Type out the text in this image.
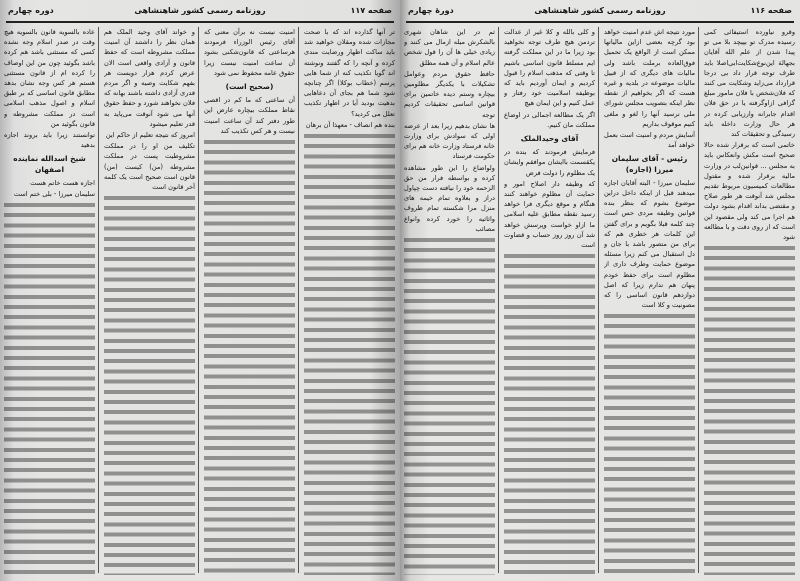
صفحه ۱۱۶
روزنامه رسمی کشور شاهنشاهی
دورهٔ چهارم

وقرو نیاورده استیفائی کمی رسیده مدرک تو بپیچد بلا می تو پیدا شدن از علم الله آقایان بجهالة این‌نوع‌شکایت‌ابی‌اصلا باید طرف توجه قرار داد بی درجا قرارداد می‌زاید وشکایت می کنند که فلان‌شخص با فلان مامور مبلغ گزافی ازاوگرفته یا در حق فلان اقدام جابرانه وارزیابی کرده‌ در هر حال وزارت داخله باید رسیدگی و تحقیقات کند

خاتمی است که برقرار شده حالا صحیح است مکش وانعکاس باید به مجلس ... قوانین‌لب در وزارت مالیه برقرار شده و مقتول مطالعات کمیسیون مربوط تقدیم مجلس شد آنوقت هر طور صلاح و مقتضی بداند اقدام بشود دولت هم اجرا می کند ولی مقصود این است که از روی دقت و با مطالعه شود

مورد نتیجه اش عدم امنیت خواهد بود گرچه بعضی ازاین مالیاتها ممکن است از الواقع یک تحمیل فوق‌العاده‌ برملت باشد ولی مالیات های دیگری که از قبیل مالیات موضوعه در بلدیه و غیره هست که اگر بخواهیم از نقطه نظر اینکه بتصویب مجلس شورای ملی نرسید آنها را لغو و ملغی کنیم موقوف بداریم

آسایش مردم و امنیت است بعمل خواهد آمد

رئیس - آقای سلیمان میرزا (اجازه)

سلیمان میرزا - البته آقایان اجازه میدهند قبل از اینکه داخل دراین موضوع بشوم که بنظر بنده قوانین وظیفه مردی حس است چند کلمه قبلا بگویم و برای گفتن این کلمات هر خطری هم که برای من متصور باشد با جان و دل استقبال می کنم زیرا مسئله موضوع حمایت وطرف داری از مظلوم است برای حفظ خودم پنهان هم ندارم زیرا که اصل دوازدهم قانون اساسی را که مصونیت و کلا است

و کلی بالله و کلا غیر از عدالت تردمن هیچ طرف توجه نخواهید بود زیرا ما در این مملکت گرفته ایم مسلط قانون اساسی باشیم تا وقتی که مذهب اسلام را قبول کردیم و ایمان آوردیم باید که بوظیفه اسلامیت خود رفتار و عمل کنیم و این ایمان هیچ

اگر یک مطالعه اجمالی در اوضاع مملکت مان کنیم.

آقای وحیدالملک

فرمایش فرمودند که بنده در یکقسمت باایشان موافقم وایشان یک مظلوم را دولت فرض

که وظیفه دار اصلاح امور و حمایت آن مظلوم خواهند کنند هنگام و موقع دیگری فرا خواهد رسید نقطه مطابق علیه اسلامی ما ازاو خواست وپرسش خواهد شد آن روز روز حساب و قضاوت است

ثم در این شاهان شهری بالشکرش میله ازمال می کنند و زیادی خیلی ها آن را قول شخص عالم اسلام و آن همه مطلق

حافظ حقوق مردم وعوامل تشکیلات با یکدیگر مظلومین بیچاره وستم دیده خاتمین برای‌ قوانین اساسی تحقیقات کردیم توجه

ها نشان بدهیم زیرا بعد از عرضه اولی که سوادش برای وزارت خانه فرستاد وزارت خانه هم برای حکومت فرستاد

ولواضاع را این طور مشاهده کرده و بواسطه فرار من حق‌ الزحمه خود را نیافته دست چپاول دراز و بعلاوه تمام خیمه های منزل مرا شکسته تمام ظروف واثاثیه را خورد کرده وانواع مصائب

صفحه ۱۱۷
روزنامه رسمی کشور شاهنشاهی
دوره چهارم

تر آنها گذارده اند که با صحت مجازات شده ومقلان خواهید شد باید ساکت اظهار ورضایت مندی کرده و آنچه را که گفتند ونوشته اند گویا تکذیب کنه از شما هایی پرسم (خطاب بوکلا) اگر چنانچه شود شما هم بجای آن دعاهایی بدهیت بودید آیا در اظهار تکذیب تعلل می کردید؟

بنده هم انصاف - معهذا آن برهان

امنیت نیست نه برآن معنی که آقای رئیس الوزراء فرمودند هرساعتی که قانون‌شکنی بشود آن ساعت امنیت نیست زیرا حقوق عامه محفوظ نمی شود

(صحیح است)

آن ساعتی که ما کم در اقصی نقاط مملکت بیچاره عارض این طور دفتر کند آن ساعت امنیت نیست و هر کس تکذیب کند

و خواند آقای وحید الملک هم همان نظر را داشتند آن امنیت مملکت مشروطه است که حفظ قانون و آزادی واقعی است الان عرض کردم هزار دویست هر بفهم شکایت وصیه و اگر مردم قدری آزادی داشته باشند بهانه که فلان نخواهند شورد و حفظ حقوق آنها می شود آنوقت می‌پاید به قدر تعلیم میشود

امروز که نتیجه تعلیم از حاکم این

تکلیف من او را در مملکت مشروطیت پست در مملکت مشروطه (من) کیست (من) قانون است صحیح است یک کلمه آخر قانون است

عاده بالسویه قانون بالسویه هیچ وقت در صدر اسلام وجه نشده کسی که مستثنی باشد هم کرده باشد بگوئید چون من این اوصاف را کرده ام از قانون مستثنی هستم هر کس وجه نشان بدهد مطابق قانون اساسی که بر طبق اسلام و اصول مذهب اسلامی است در مملکت مشروطه و قانون بگوئید من

توانستند زیرا باید بروند اجازه بدهید

شیخ اسدالله نماینده اصفهان

اجازه هست خاتم هست

سلیمان میرزا - بلی ختم است
